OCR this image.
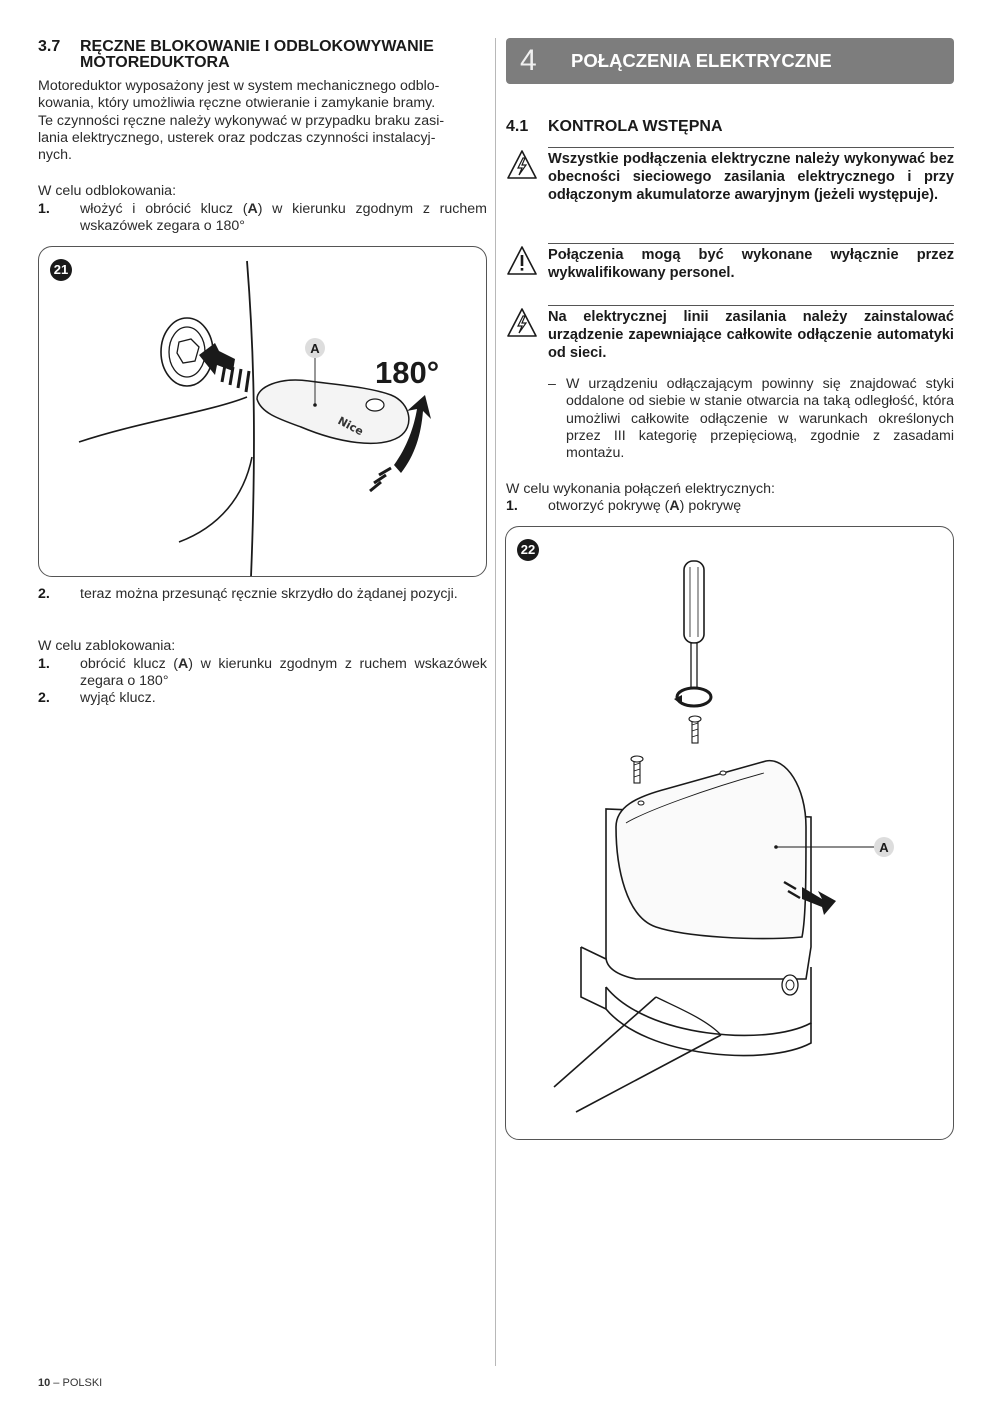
3.7	RĘCZNE BLOKOWANIE I ODBLOKOWYWANIE
MOTOREDUKTORA
Motoreduktor wyposażony jest w system mechanicznego odblo-
kowania, który umożliwia ręczne otwieranie i zamykanie bramy.
Te czynności ręczne należy wykonywać w przypadku braku zasi-
lania elektrycznego, usterek oraz podczas czynności instalacyj-
nych.
W celu odblokowania:
1.	włożyć i obrócić klucz (A) w kierunku zgodnym z ruchem wskazówek zegara o 180°
21
Nice
A
180°
2.	teraz można przesunąć ręcznie skrzydło do żądanej pozycji.
W celu zablokowania:
1.	obrócić klucz (A) w kierunku zgodnym z ruchem wskazówek zegara o 180°
2.	wyjąć klucz.
4 POŁĄCZENIA ELEKTRYCZNE
4.1	KONTROLA WSTĘPNA
Wszystkie podłączenia elektryczne należy wykonywać bez obecności sieciowego zasilania elektrycznego i przy odłączonym akumulatorze awaryjnym (jeżeli występuje).
Połączenia mogą być wykonane wyłącznie przez wykwalifikowany personel.
Na elektrycznej linii zasilania należy zainstalować urządzenie zapewniające całkowite odłączenie automatyki od sieci.
– W urządzeniu odłączającym powinny się znajdować styki oddalone od siebie w stanie otwarcia na taką odległość, która umożliwi całkowite odłączenie w warunkach określonych przez III kategorię przepięciową, zgodnie z zasadami montażu.
W celu wykonania połączeń elektrycznych:
1.	otworzyć pokrywę (A) pokrywę
22
A
10 – POLSKI
